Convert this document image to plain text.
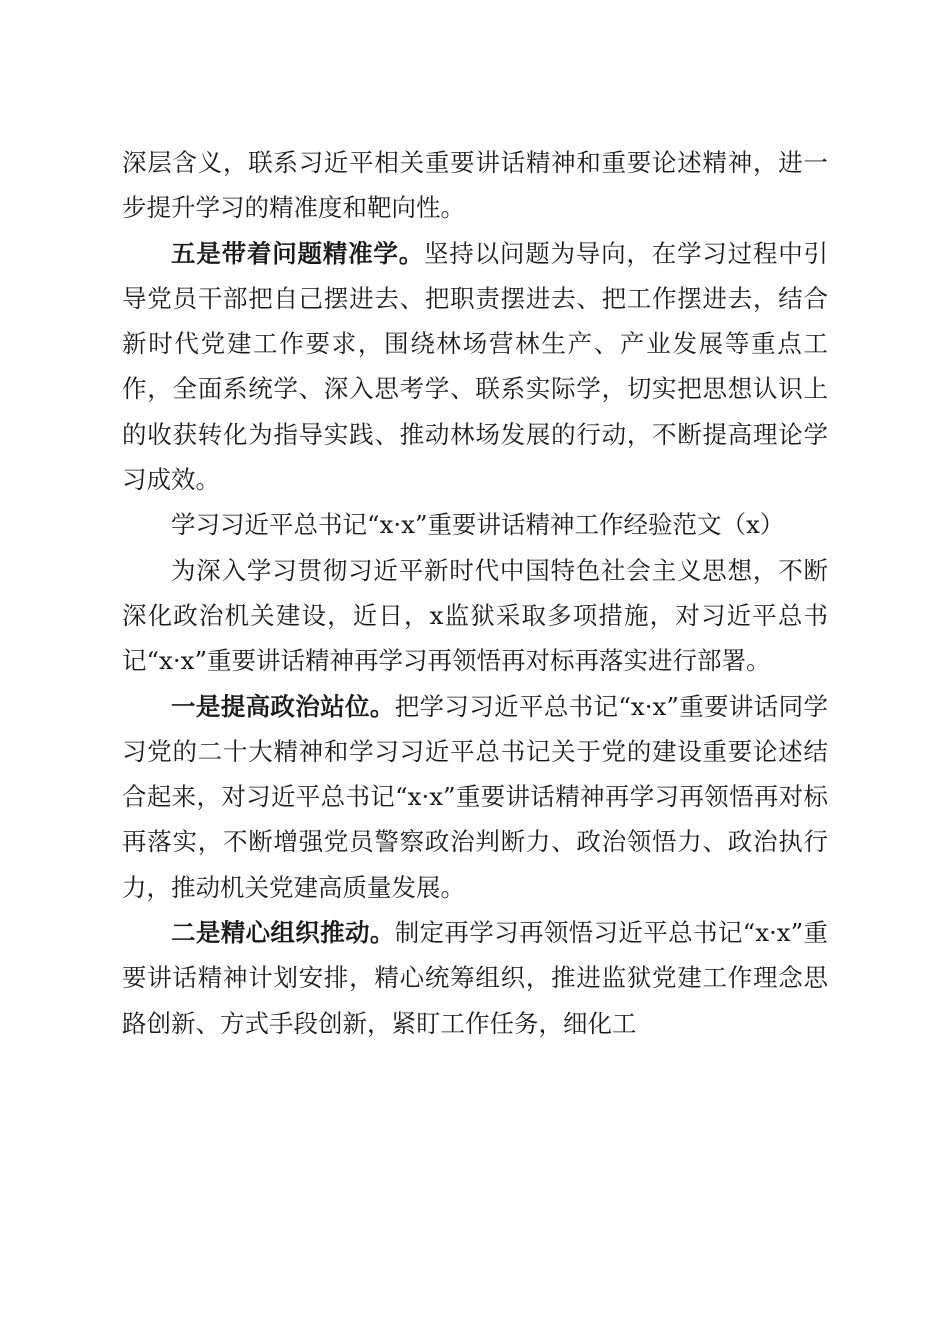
深层含义，联系习近平相关重要讲话精神和重要论述精神，进一步提升学习的精准度和靶向性。

五是带着问题精准学。坚持以问题为导向，在学习过程中引导党员干部把自己摆进去、把职责摆进去、把工作摆进去，结合新时代党建工作要求，围绕林场营林生产、产业发展等重点工作，全面系统学、深入思考学、联系实际学，切实把思想认识上的收获转化为指导实践、推动林场发展的行动，不断提高理论学习成效。

学习习近平总书记“x·x”重要讲话精神工作经验范文（x）

为深入学习贯彻习近平新时代中国特色社会主义思想，不断深化政治机关建设，近日，x监狱采取多项措施，对习近平总书记“x·x”重要讲话精神再学习再领悟再对标再落实进行部署。

一是提高政治站位。把学习习近平总书记“x·x”重要讲话同学习党的二十大精神和学习习近平总书记关于党的建设重要论述结合起来，对习近平总书记“x·x”重要讲话精神再学习再领悟再对标再落实，不断增强党员警察政治判断力、政治领悟力、政治执行力，推动机关党建高质量发展。

二是精心组织推动。制定再学习再领悟习近平总书记“x·x”重要讲话精神计划安排，精心统筹组织，推进监狱党建工作理念思路创新、方式手段创新，紧盯工作任务，细化工
